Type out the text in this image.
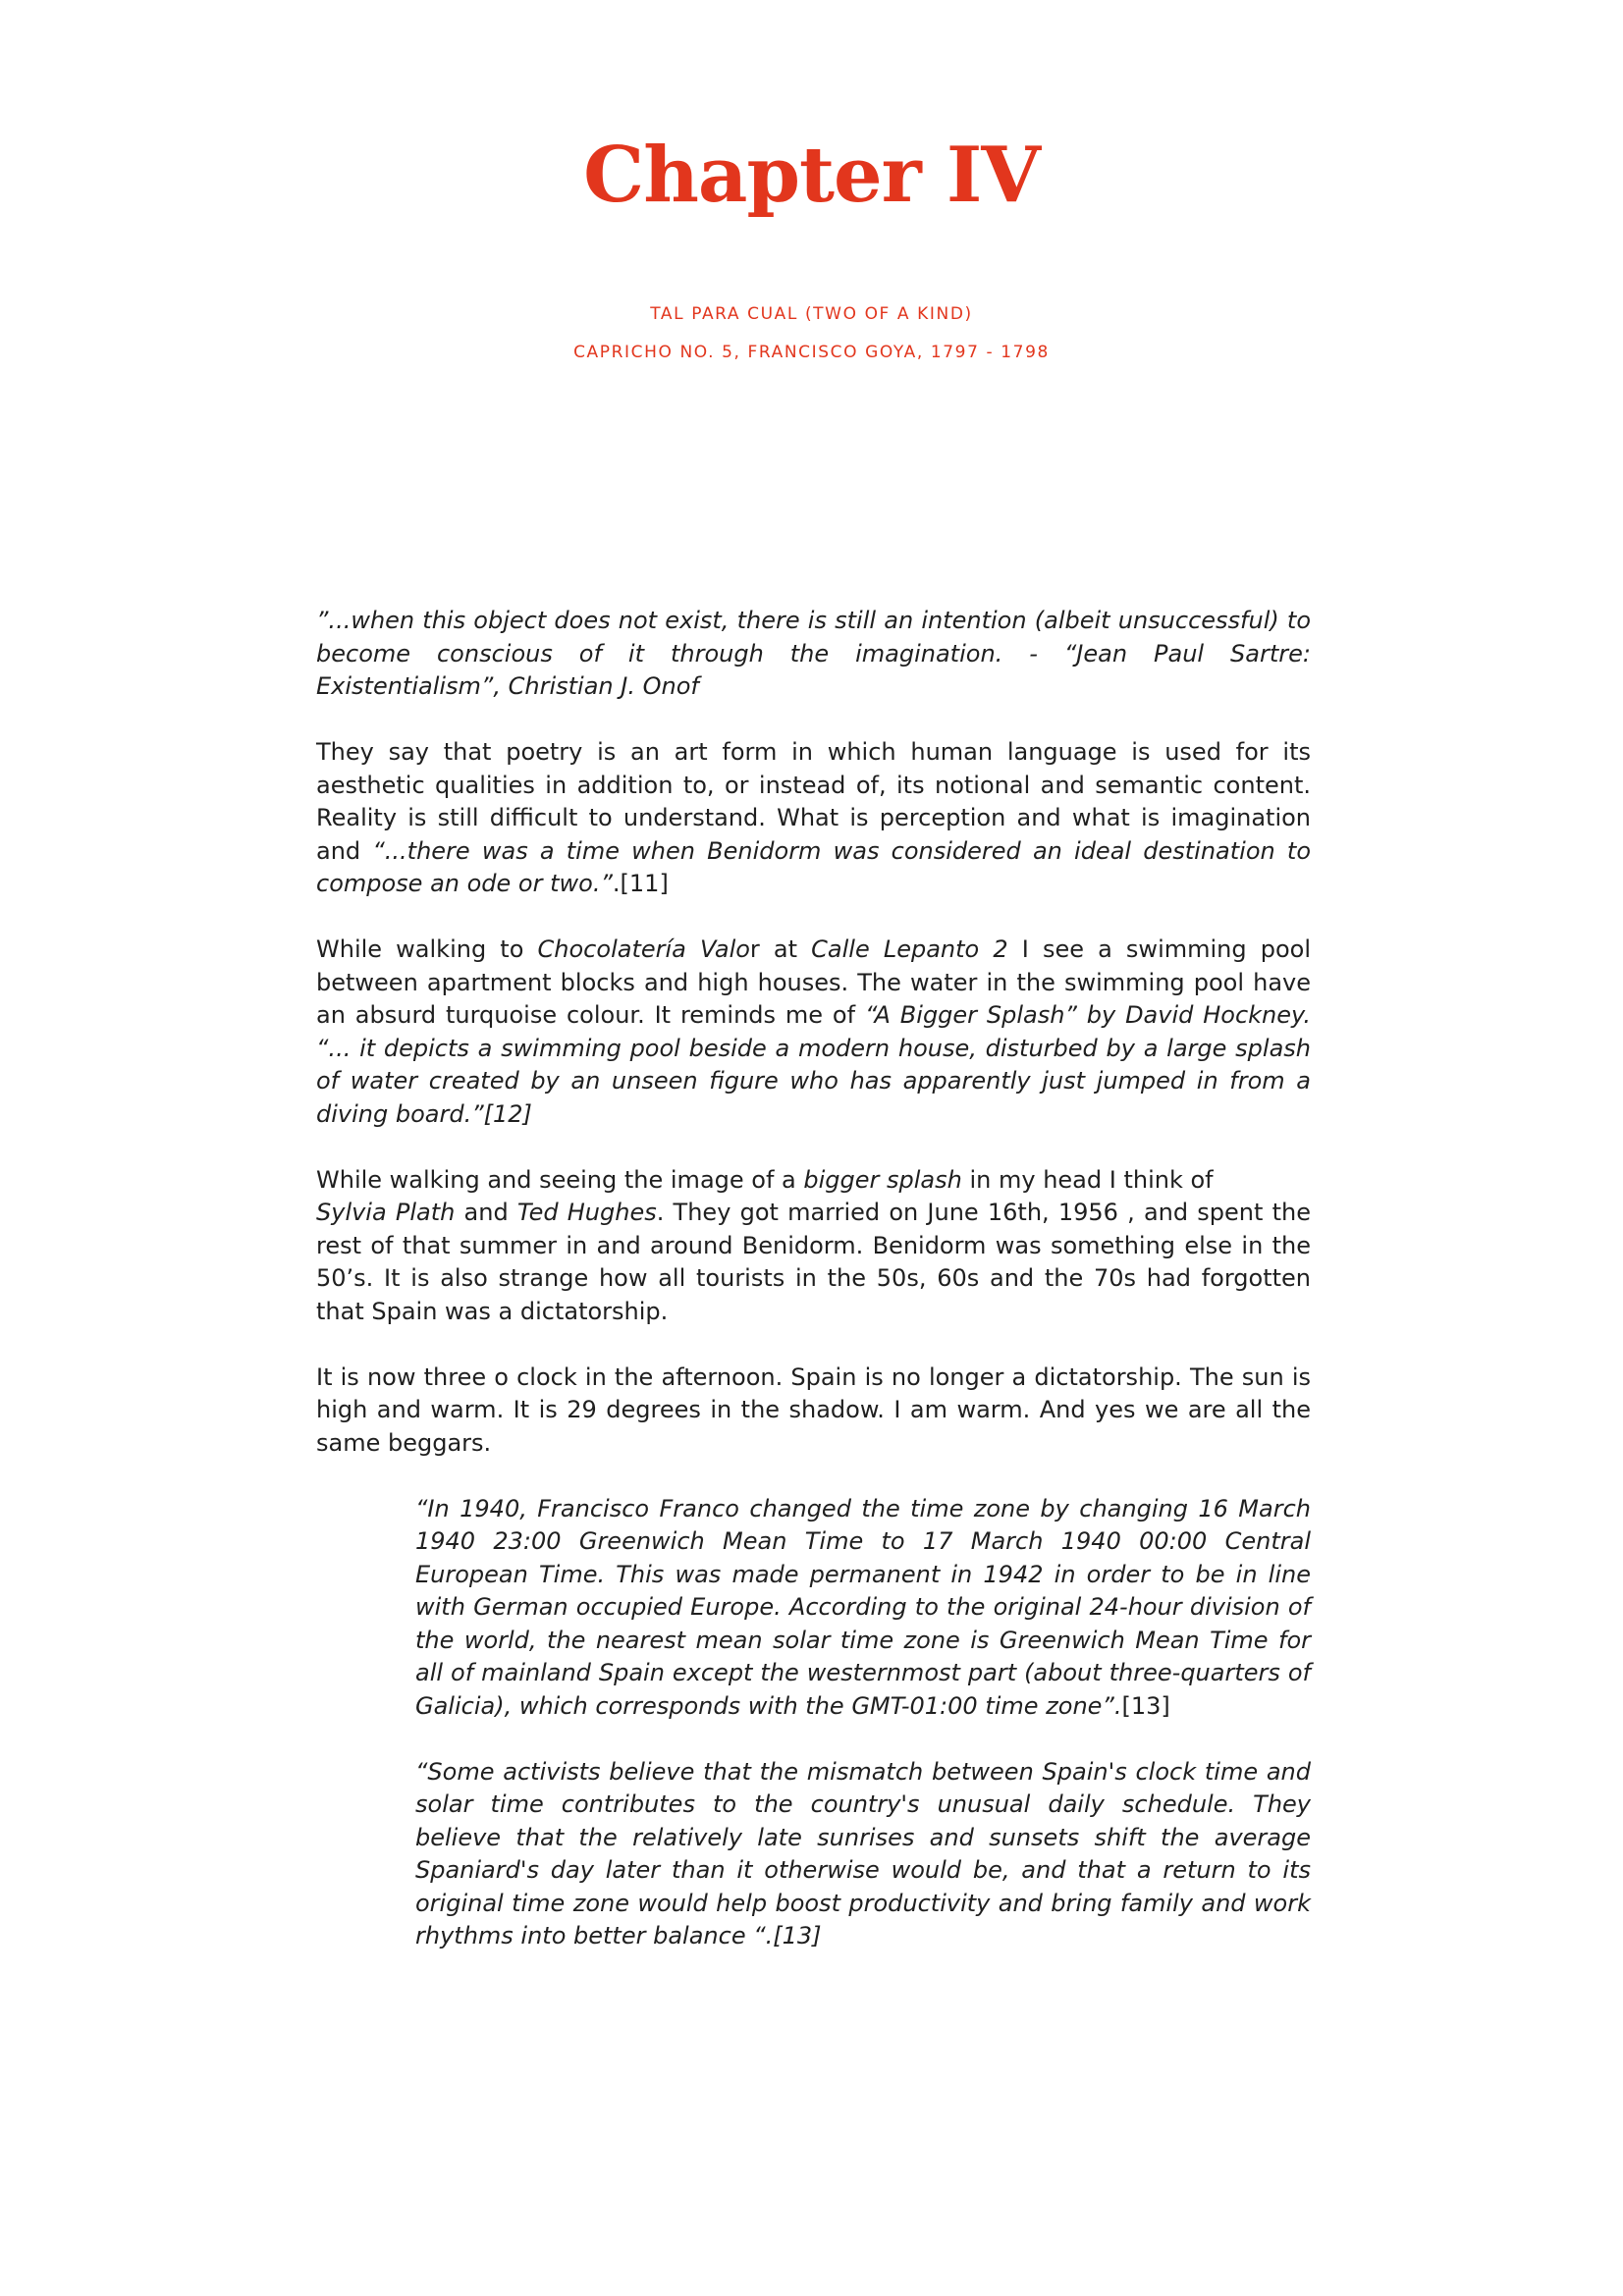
Chapter IV
TAL PARA CUAL (TWO OF A KIND)
CAPRICHO NO. 5, FRANCISCO GOYA, 1797 - 1798

”...when this object does not exist, there is still an intention (albeit unsuccessful) to become conscious of it through the imagination. - “Jean Paul Sartre: Existentialism”, Christian J. Onof

They say that poetry is an art form in which human language is used for its aesthetic qualities in addition to, or instead of, its notional and semantic content. Reality is still difficult to understand. What is perception and what is imagination and “...there was a time when Benidorm was considered an ideal destination to compose an ode or two.”.[11]

While walking to Chocolatería Valor at Calle Lepanto 2 I see a swimming pool between apartment blocks and high houses. The water in the swimming pool have an absurd turquoise colour. It reminds me of “A Bigger Splash” by David Hockney. “... it depicts a swimming pool beside a modern house, disturbed by a large splash of water created by an unseen figure who has apparently just jumped in from a diving board.”[12]

While walking and seeing the image of a bigger splash in my head I think of
Sylvia Plath and Ted Hughes. They got married on June 16th, 1956 , and spent the rest of that summer in and around Benidorm. Benidorm was something else in the 50’s. It is also strange how all tourists in the 50s, 60s and the 70s had forgotten that Spain was a dictatorship.

It is now three o clock in the afternoon. Spain is no longer a dictatorship. The sun is high and warm. It is 29 degrees in the shadow. I am warm. And yes we are all the same beggars.

“In 1940, Francisco Franco changed the time zone by changing 16 March 1940 23:00 Greenwich Mean Time to 17 March 1940 00:00 Central European Time. This was made permanent in 1942 in order to be in line with German occupied Europe. According to the original 24-hour division of the world, the nearest mean solar time zone is Greenwich Mean Time for all of mainland Spain except the westernmost part (about three-quarters of Galicia), which corresponds with the GMT-01:00 time zone”.[13]

“Some activists believe that the mismatch between Spain's clock time and solar time contributes to the country's unusual daily schedule. They believe that the relatively late sunrises and sunsets shift the average Spaniard's day later than it otherwise would be, and that a return to its original time zone would help boost productivity and bring family and work rhythms into better balance “.[13]
